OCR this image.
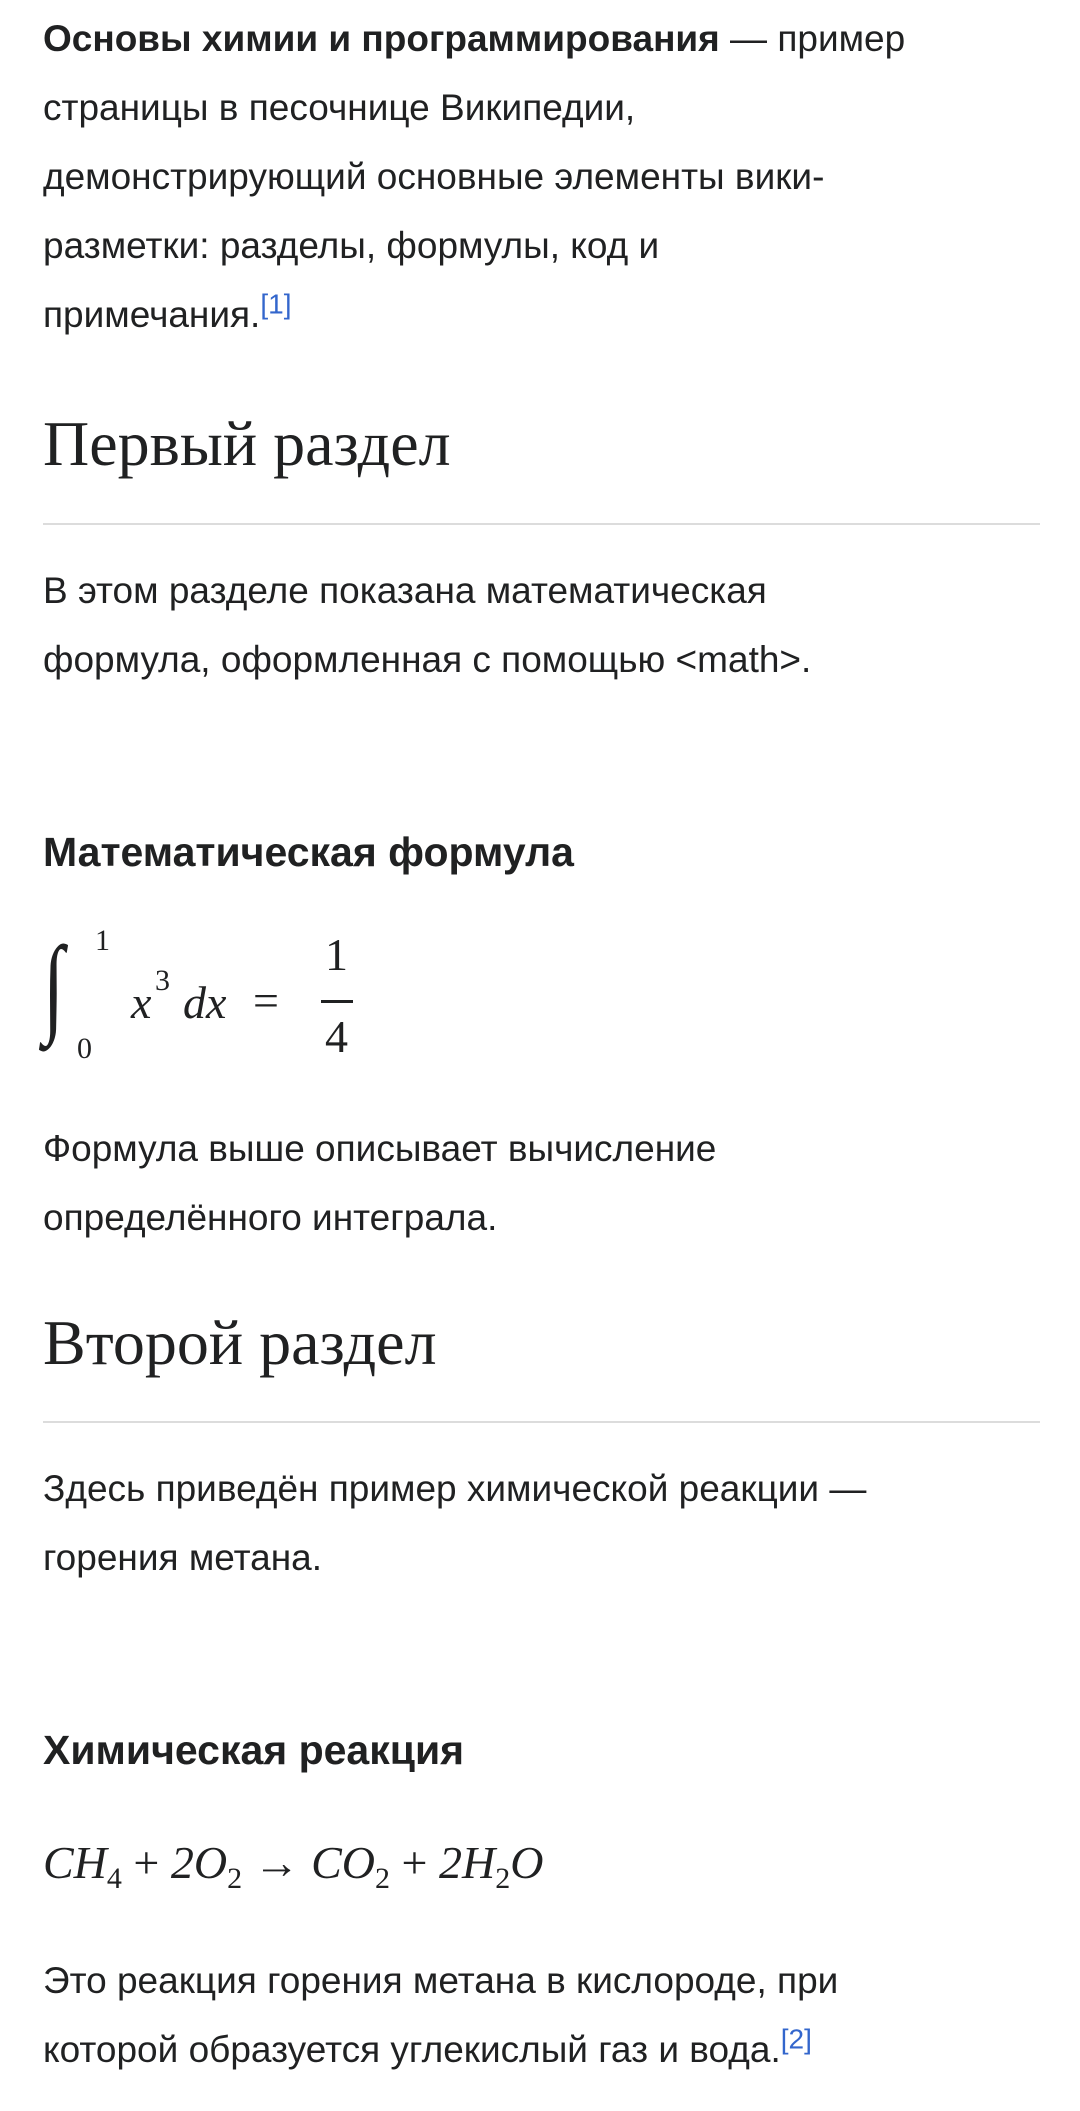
Основы химии и программирования — пример
страницы в песочнице Википедии,
демонстрирующий основные элементы вики-
разметки: разделы, формулы, код и
примечания.[1]
Первый раздел
В этом разделе показана математическая
формула, оформленная с помощью <math>.
Математическая формула
∫ 1
0
x 3 dx =
1
4
Формула выше описывает вычисление
определённого интеграла.
Второй раздел
Здесь приведён пример химической реакции —
горения метана.
Химическая реакция
$CH_4 + 2O_2 \to CO_2 + 2H_2O$
Это реакция горения метана в кислороде, при
которой образуется углекислый газ и вода.[2]
